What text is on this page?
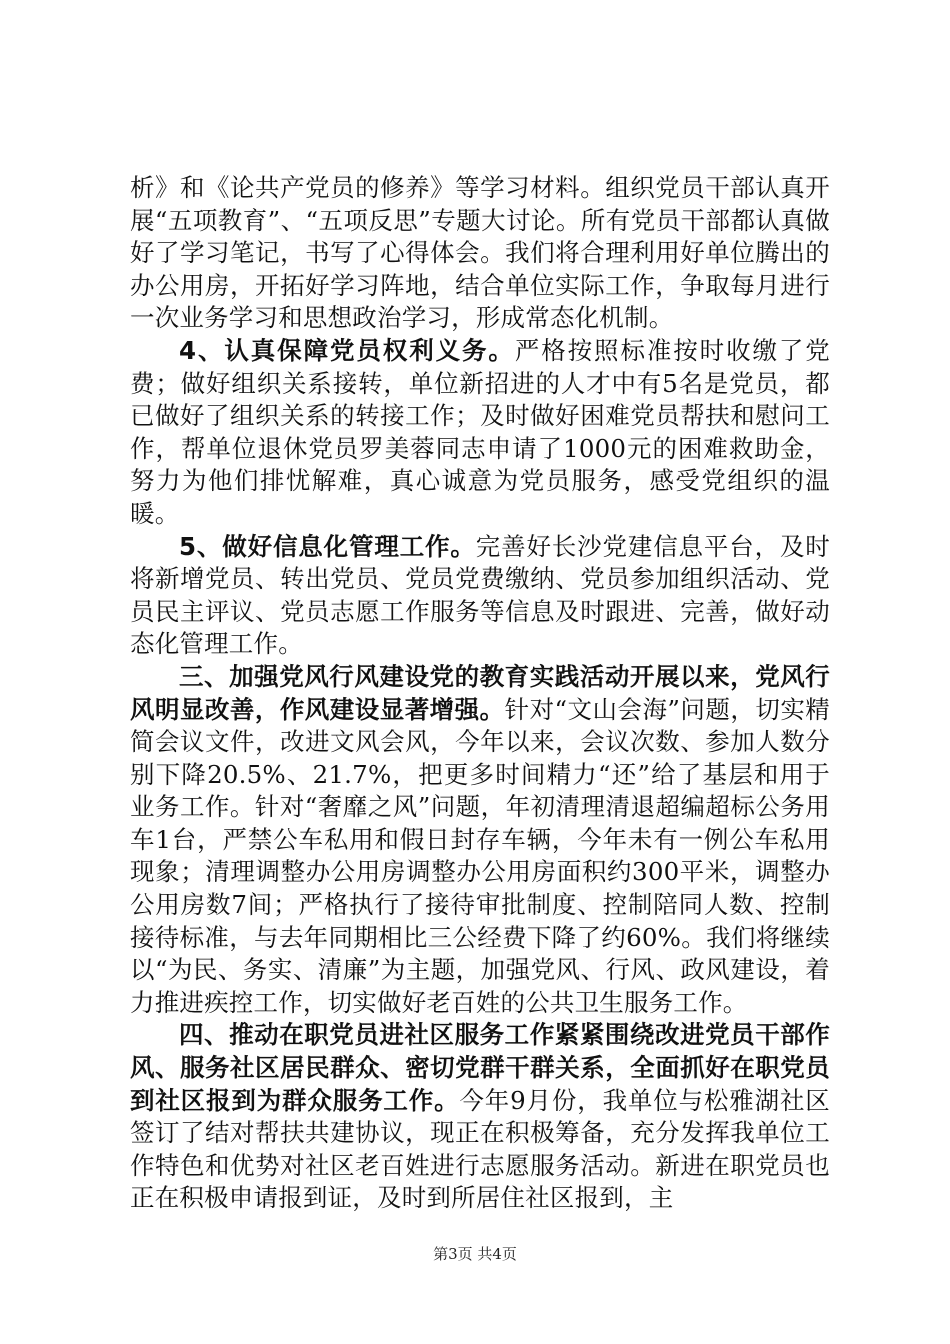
析》和《论共产党员的修养》等学习材料。组织党员干部认真开展“五项教育”、“五项反思”专题大讨论。所有党员干部都认真做好了学习笔记，书写了心得体会。我们将合理利用好单位腾出的办公用房，开拓好学习阵地，结合单位实际工作，争取每月进行一次业务学习和思想政治学习，形成常态化机制。

4、认真保障党员权利义务。严格按照标准按时收缴了党费；做好组织关系接转，单位新招进的人才中有5名是党员，都已做好了组织关系的转接工作；及时做好困难党员帮扶和慰问工作，帮单位退休党员罗美蓉同志申请了1000元的困难救助金，努力为他们排忧解难，真心诚意为党员服务，感受党组织的温暖。

5、做好信息化管理工作。完善好长沙党建信息平台，及时将新增党员、转出党员、党员党费缴纳、党员参加组织活动、党员民主评议、党员志愿工作服务等信息及时跟进、完善，做好动态化管理工作。

三、加强党风行风建设党的教育实践活动开展以来，党风行风明显改善，作风建设显著增强。针对“文山会海”问题，切实精简会议文件，改进文风会风，今年以来，会议次数、参加人数分别下降20.5%、21.7%，把更多时间精力“还”给了基层和用于业务工作。针对“奢靡之风”问题，年初清理清退超编超标公务用车1台，严禁公车私用和假日封存车辆，今年未有一例公车私用现象；清理调整办公用房调整办公用房面积约300平米，调整办公用房数7间；严格执行了接待审批制度、控制陪同人数、控制接待标准，与去年同期相比三公经费下降了约60%。我们将继续以“为民、务实、清廉”为主题，加强党风、行风、政风建设，着力推进疾控工作，切实做好老百姓的公共卫生服务工作。

四、推动在职党员进社区服务工作紧紧围绕改进党员干部作风、服务社区居民群众、密切党群干群关系，全面抓好在职党员到社区报到为群众服务工作。今年9月份，我单位与松雅湖社区签订了结对帮扶共建协议，现正在积极筹备，充分发挥我单位工作特色和优势对社区老百姓进行志愿服务活动。新进在职党员也正在积极申请报到证，及时到所居住社区报到，主

第3页 共4页
